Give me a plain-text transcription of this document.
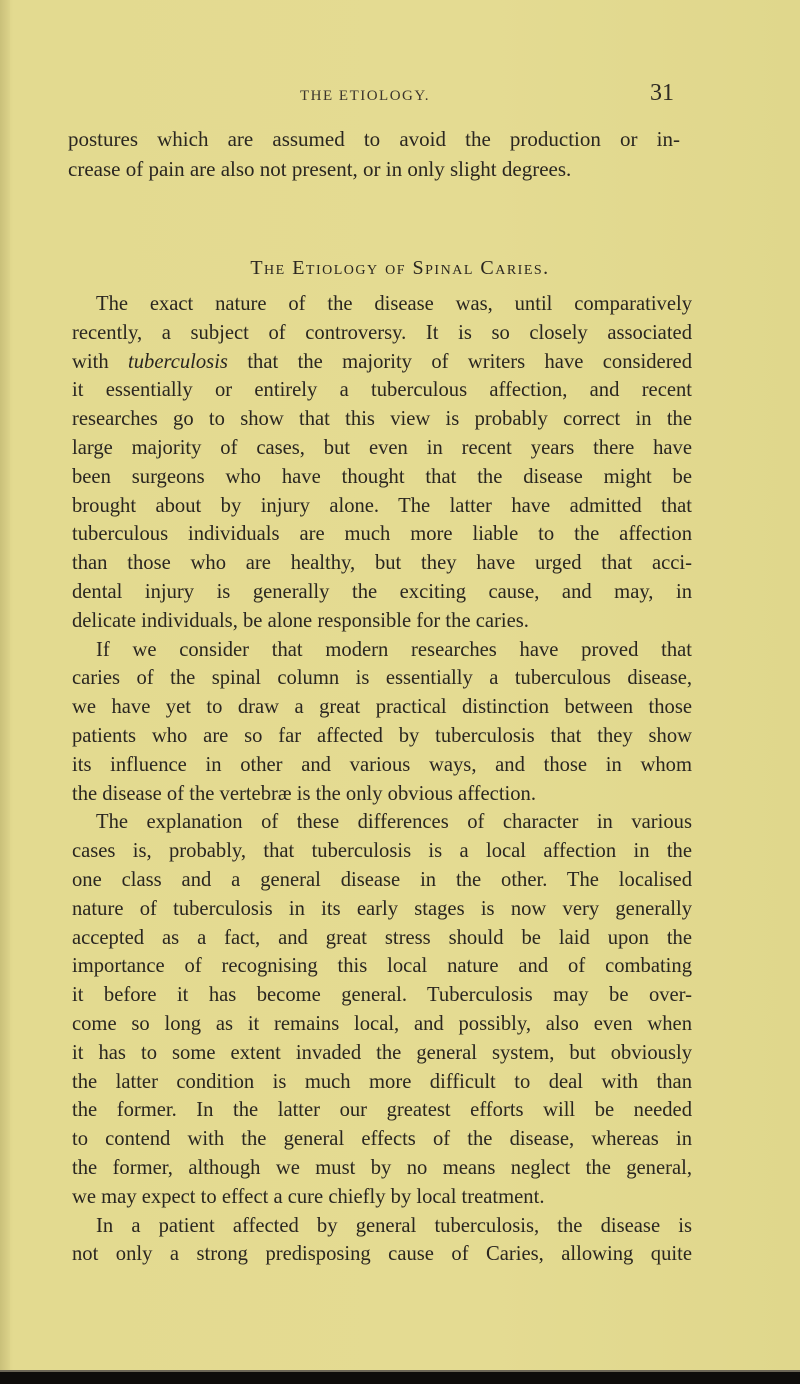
THE ETIOLOGY.	31
postures which are assumed to avoid the production or in-
crease of pain are also not present, or in only slight degrees.
The Etiology of Spinal Caries.

The exact nature of the disease was, until comparatively
recently, a subject of controversy. It is so closely associated
with tuberculosis that the majority of writers have considered
it essentially or entirely a tuberculous affection, and recent
researches go to show that this view is probably correct in the
large majority of cases, but even in recent years there have
been surgeons who have thought that the disease might be
brought about by injury alone. The latter have admitted that
tuberculous individuals are much more liable to the affection
than those who are healthy, but they have urged that acci-
dental injury is generally the exciting cause, and may, in
delicate individuals, be alone responsible for the caries.

If we consider that modern researches have proved that
caries of the spinal column is essentially a tuberculous disease,
we have yet to draw a great practical distinction between those
patients who are so far affected by tuberculosis that they show
its influence in other and various ways, and those in whom
the disease of the vertebræ is the only obvious affection.

The explanation of these differences of character in various
cases is, probably, that tuberculosis is a local affection in the
one class and a general disease in the other. The localised
nature of tuberculosis in its early stages is now very generally
accepted as a fact, and great stress should be laid upon the
importance of recognising this local nature and of combating
it before it has become general. Tuberculosis may be over-
come so long as it remains local, and possibly, also even when
it has to some extent invaded the general system, but obviously
the latter condition is much more difficult to deal with than
the former. In the latter our greatest efforts will be needed
to contend with the general effects of the disease, whereas in
the former, although we must by no means neglect the general,
we may expect to effect a cure chiefly by local treatment.

In a patient affected by general tuberculosis, the disease is
not only a strong predisposing cause of Caries, allowing quite
